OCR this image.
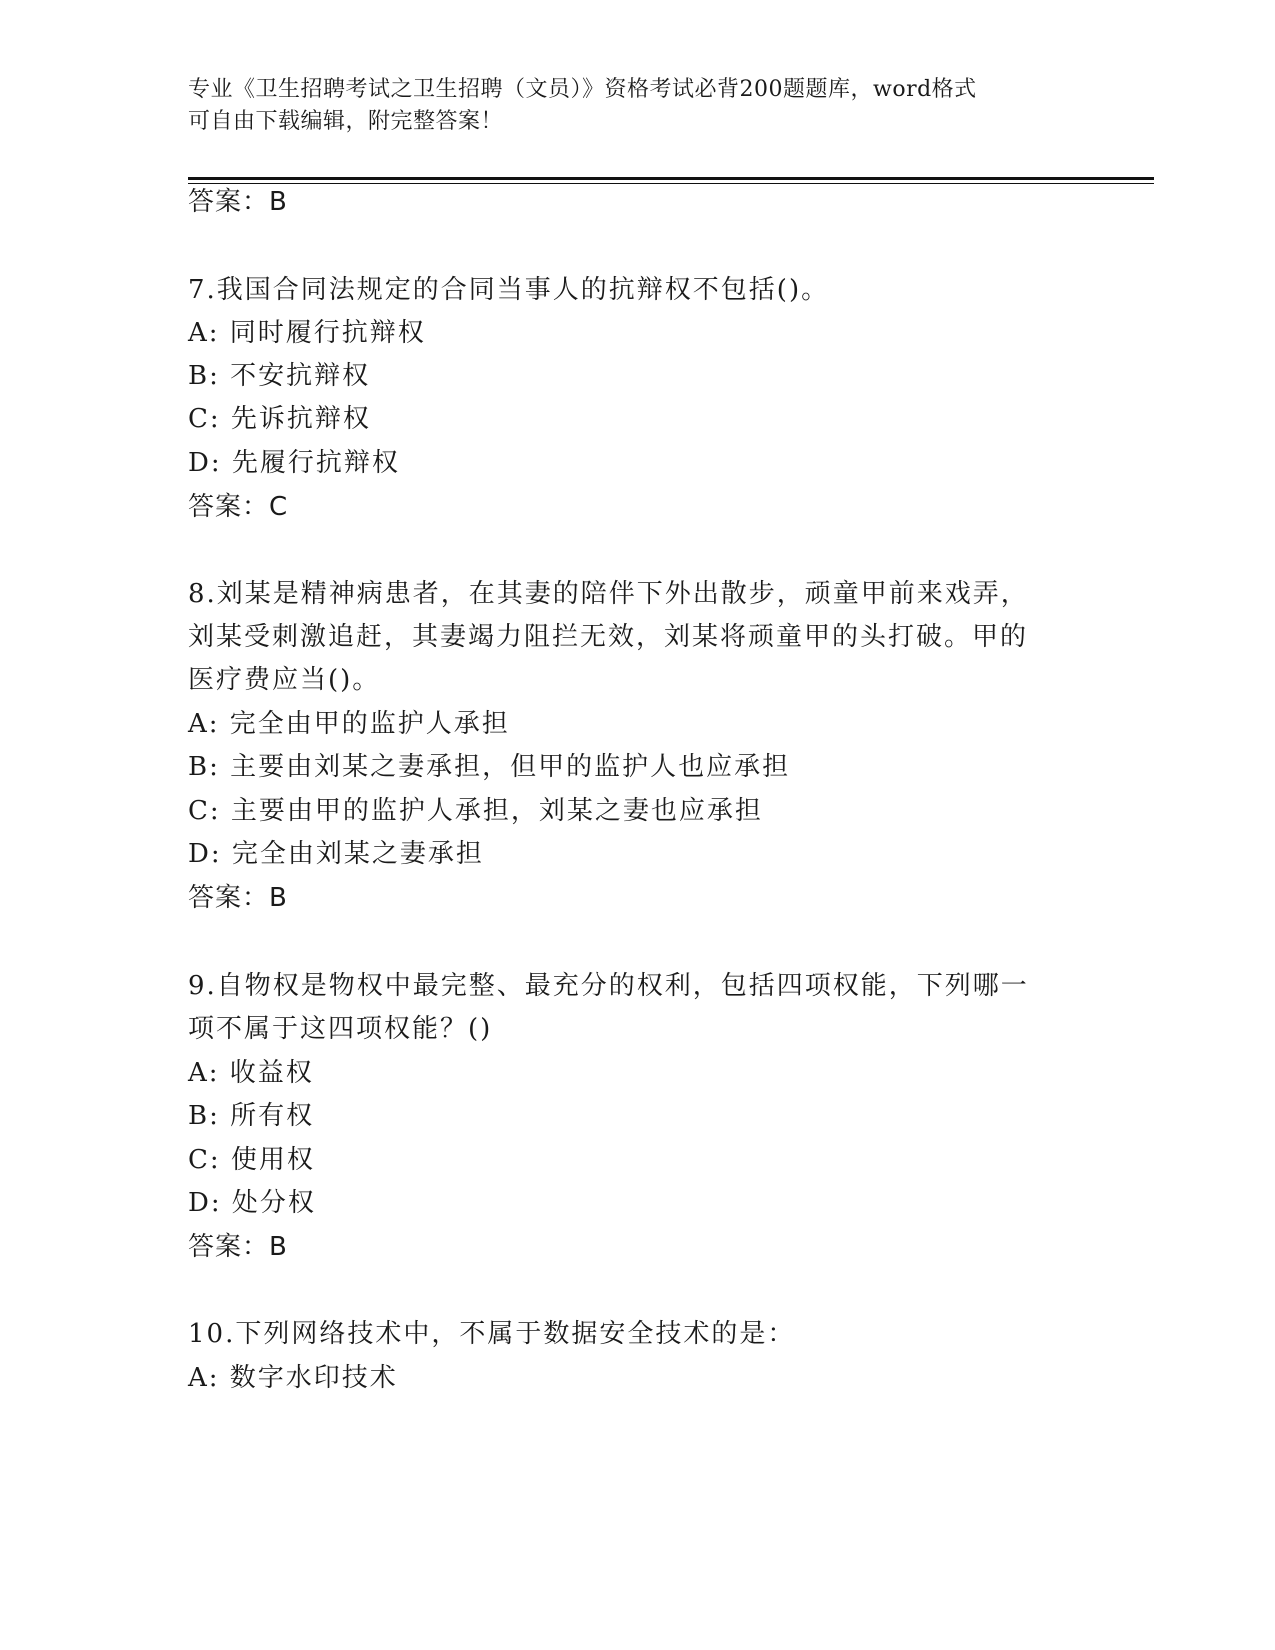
专业《卫生招聘考试之卫生招聘（文员）》资格考试必背200题题库，word格式
可自由下载编辑，附完整答案！
答案：B
7.我国合同法规定的合同当事人的抗辩权不包括()。
A: 同时履行抗辩权
B: 不安抗辩权
C: 先诉抗辩权
D: 先履行抗辩权
答案：C
8.刘某是精神病患者，在其妻的陪伴下外出散步，顽童甲前来戏弄，
刘某受刺激追赶，其妻竭力阻拦无效，刘某将顽童甲的头打破。甲的
医疗费应当()。
A: 完全由甲的监护人承担
B: 主要由刘某之妻承担，但甲的监护人也应承担
C: 主要由甲的监护人承担，刘某之妻也应承担
D: 完全由刘某之妻承担
答案：B
9.自物权是物权中最完整、最充分的权利，包括四项权能，下列哪一
项不属于这四项权能？()
A: 收益权
B: 所有权
C: 使用权
D: 处分权
答案：B
10.下列网络技术中，不属于数据安全技术的是：
A: 数字水印技术
